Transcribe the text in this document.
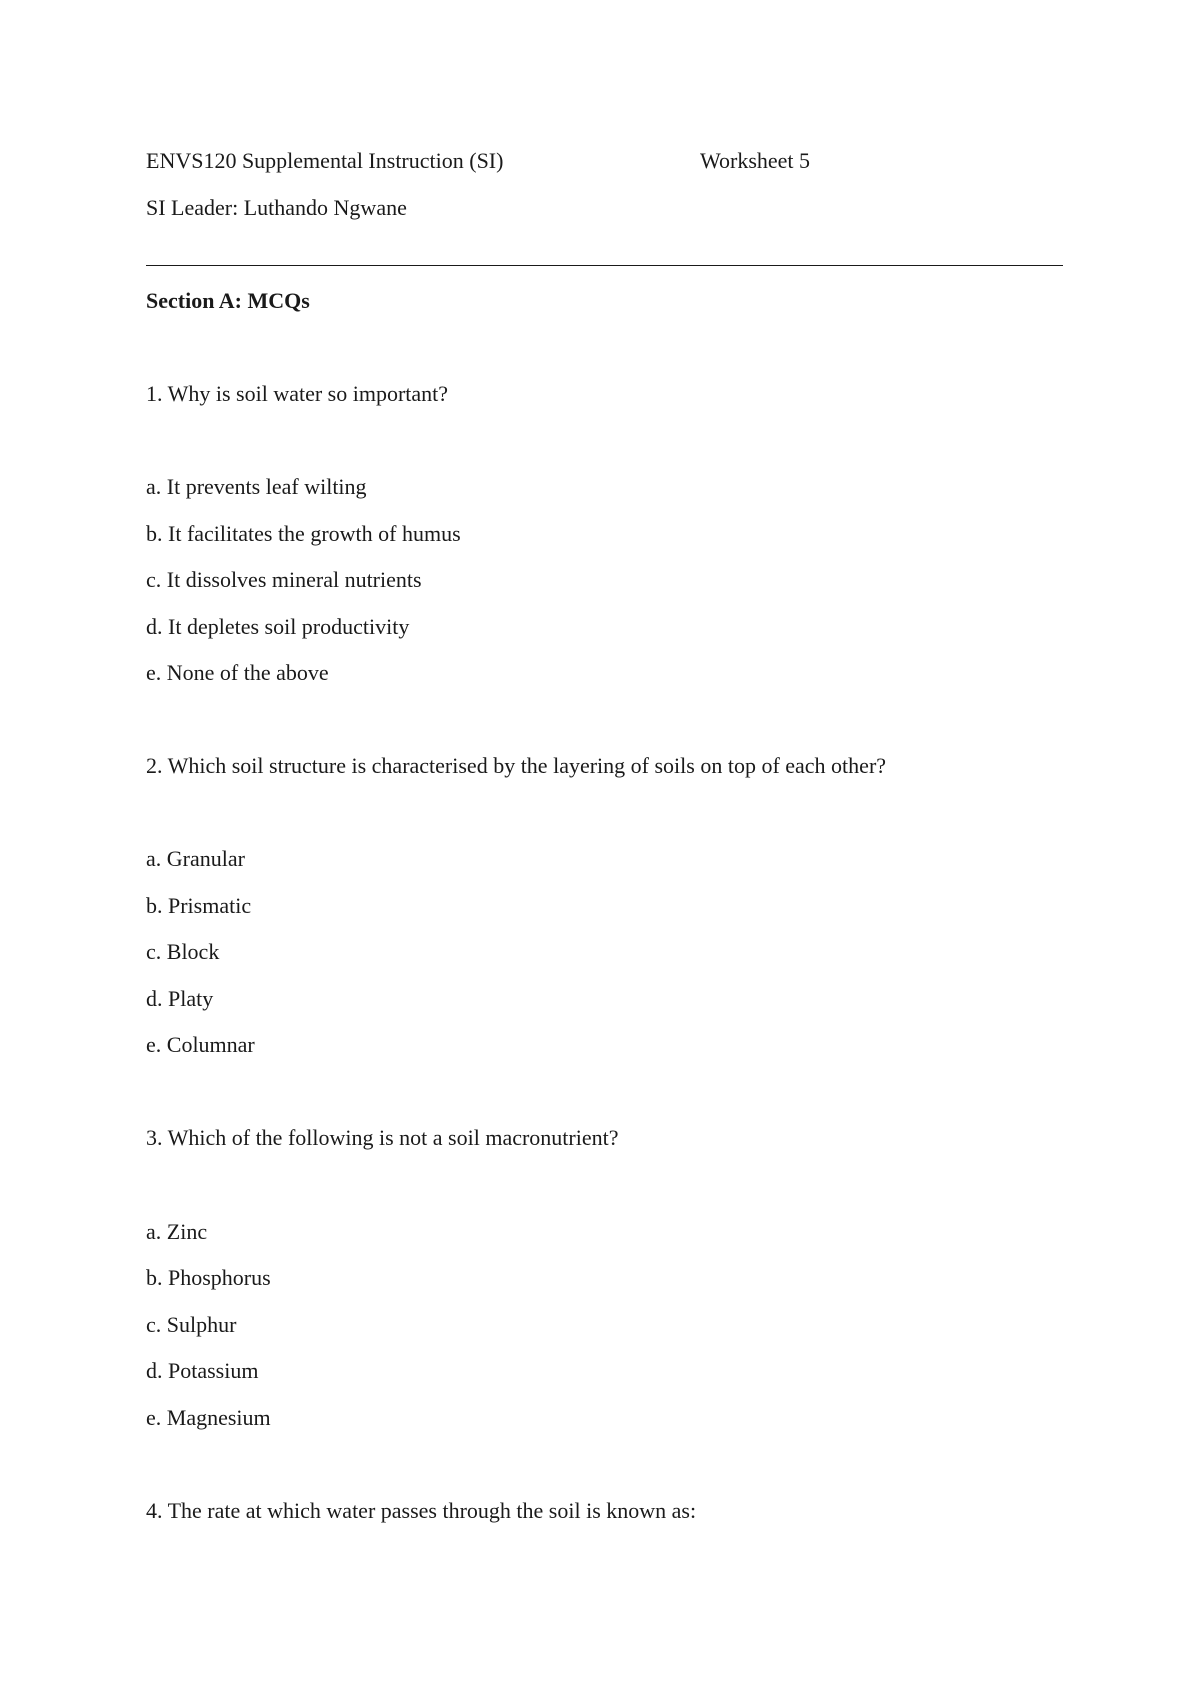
ENVS120 Supplemental Instruction (SI)	Worksheet 5
SI Leader: Luthando Ngwane
Section A: MCQs
1. Why is soil water so important?
a. It prevents leaf wilting
b. It facilitates the growth of humus
c. It dissolves mineral nutrients
d. It depletes soil productivity
e. None of the above
2. Which soil structure is characterised by the layering of soils on top of each other?
a. Granular
b. Prismatic
c. Block
d. Platy
e. Columnar
3. Which of the following is not a soil macronutrient?
a. Zinc
b. Phosphorus
c. Sulphur
d. Potassium
e. Magnesium
4. The rate at which water passes through the soil is known as:
